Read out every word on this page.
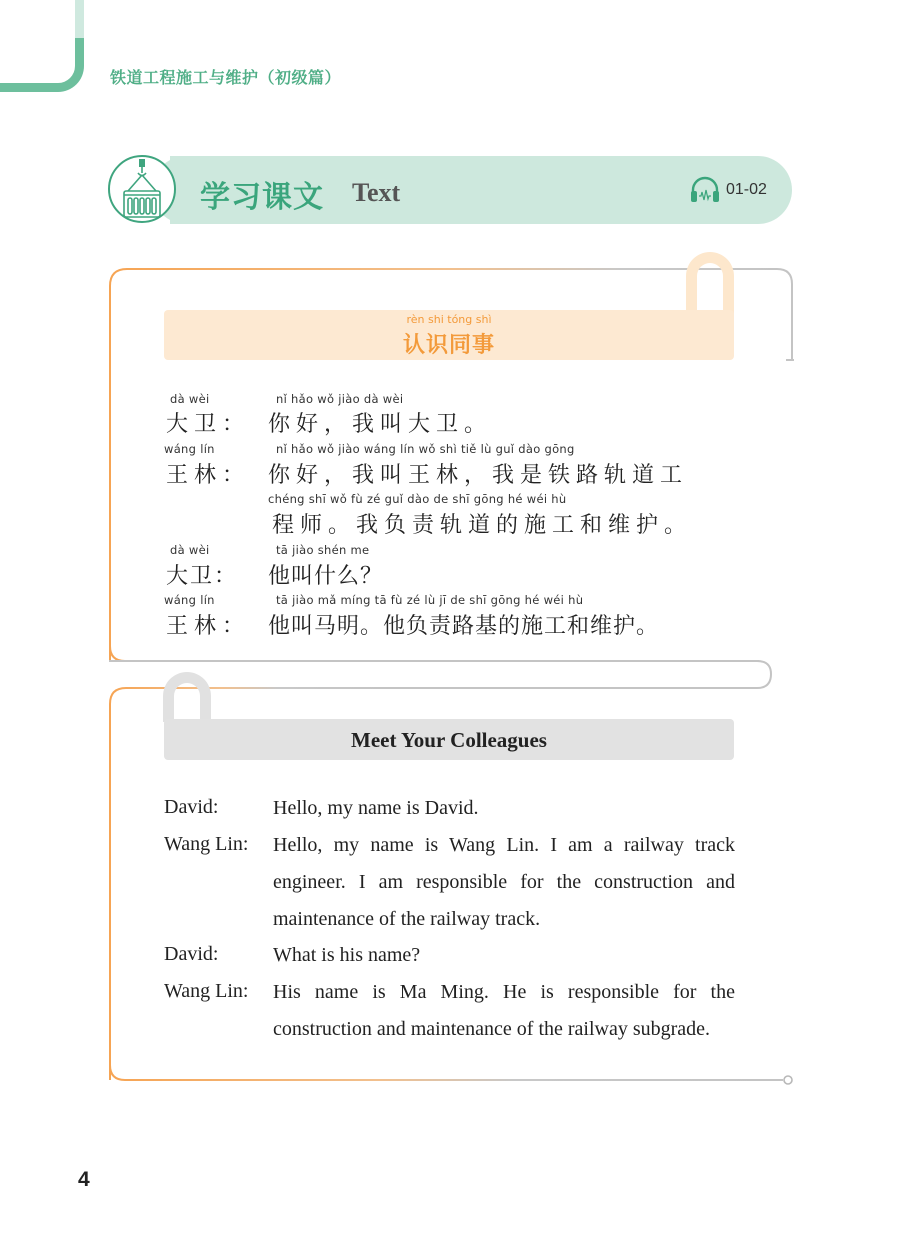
铁道工程施工与维护（初级篇）
学习课文 Text	01-02
rèn shi tóng shì
认识同事
dà wèi	nǐ hǎo wǒ jiào dà wèi
大卫： 你好，我叫大卫。
wáng lín	nǐ hǎo wǒ jiào wáng lín wǒ shì tiě lù guǐ dào gōng
王林： 你好，我叫王林，我是铁路轨道工
chéng shī wǒ fù zé guǐ dào de shī gōng hé wéi hù
程师。我负责轨道的施工和维护。
dà wèi	tā jiào shén me
大卫： 他叫什么？
wáng lín	tā jiào mǎ míng tā fù zé lù jī de shī gōng hé wéi hù
王林： 他叫马明。他负责路基的施工和维护。
Meet Your Colleagues
David:	Hello, my name is David.
Wang Lin: Hello, my name is Wang Lin. I am a railway track engineer. I am responsible for the construction and maintenance of the railway track.
David:	What is his name?
Wang Lin: His name is Ma Ming. He is responsible for the construction and maintenance of the railway subgrade.
4
